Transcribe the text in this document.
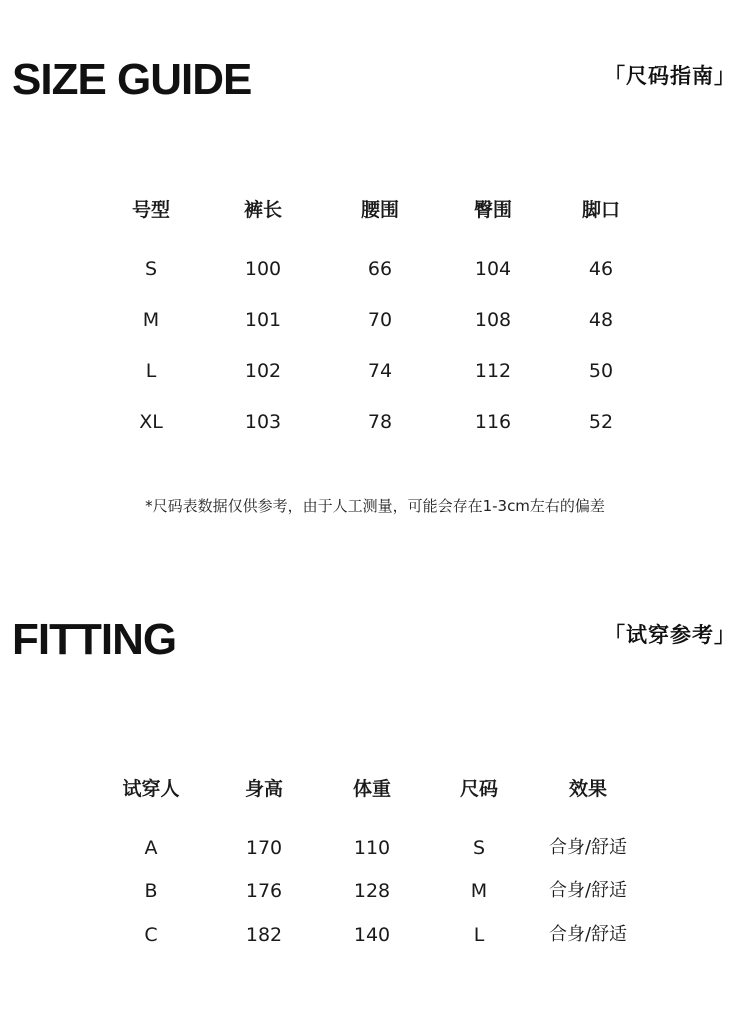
SIZE GUIDE	「尺码指南」
号型	裤长	腰围	臀围	脚口
S	100	66	104	46
M	101	70	108	48
L	102	74	112	50
XL	103	78	116	52
*尺码表数据仅供参考，由于人工测量，可能会存在1-3cm左右的偏差
FITTING	「试穿参考」
试穿人	身高	体重	尺码	效果
A	170	110	S	合身/舒适
B	176	128	M	合身/舒适
C	182	140	L	合身/舒适
